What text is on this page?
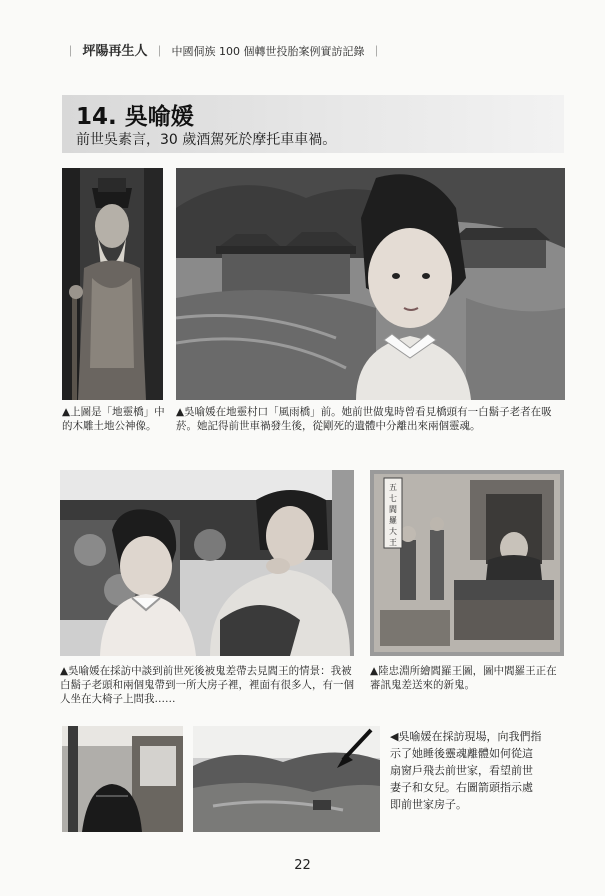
｜ 坪陽再生人 ｜ 中國侗族 100 個轉世投胎案例實訪記錄 ｜
14. 吳喻媛
前世吳素言，30 歲酒駕死於摩托車車禍。
▲上圖是「地靈橋」中的木雕土地公神像。
▲吳喻媛在地靈村口「風雨橋」前。她前世做鬼時曾看見橋頭有一白鬍子老者在吸菸。她記得前世車禍發生後，從剛死的遺體中分離出來兩個靈魂。
五
七
閻
羅
大
王
▲吳喻媛在採訪中談到前世死後被鬼差帶去見閻王的情景：我被白鬍子老頭和兩個鬼帶到一所大房子裡，裡面有很多人，有一個人坐在大椅子上問我……
▲陸忠淵所繪閻羅王圖，圖中閻羅王正在審訊鬼差送來的新鬼。
◀吳喻媛在採訪現場，向我們指示了她睡後靈魂離體如何從這扇窗戶飛去前世家，看望前世妻子和女兒。右圖箭頭指示處即前世家房子。
22
